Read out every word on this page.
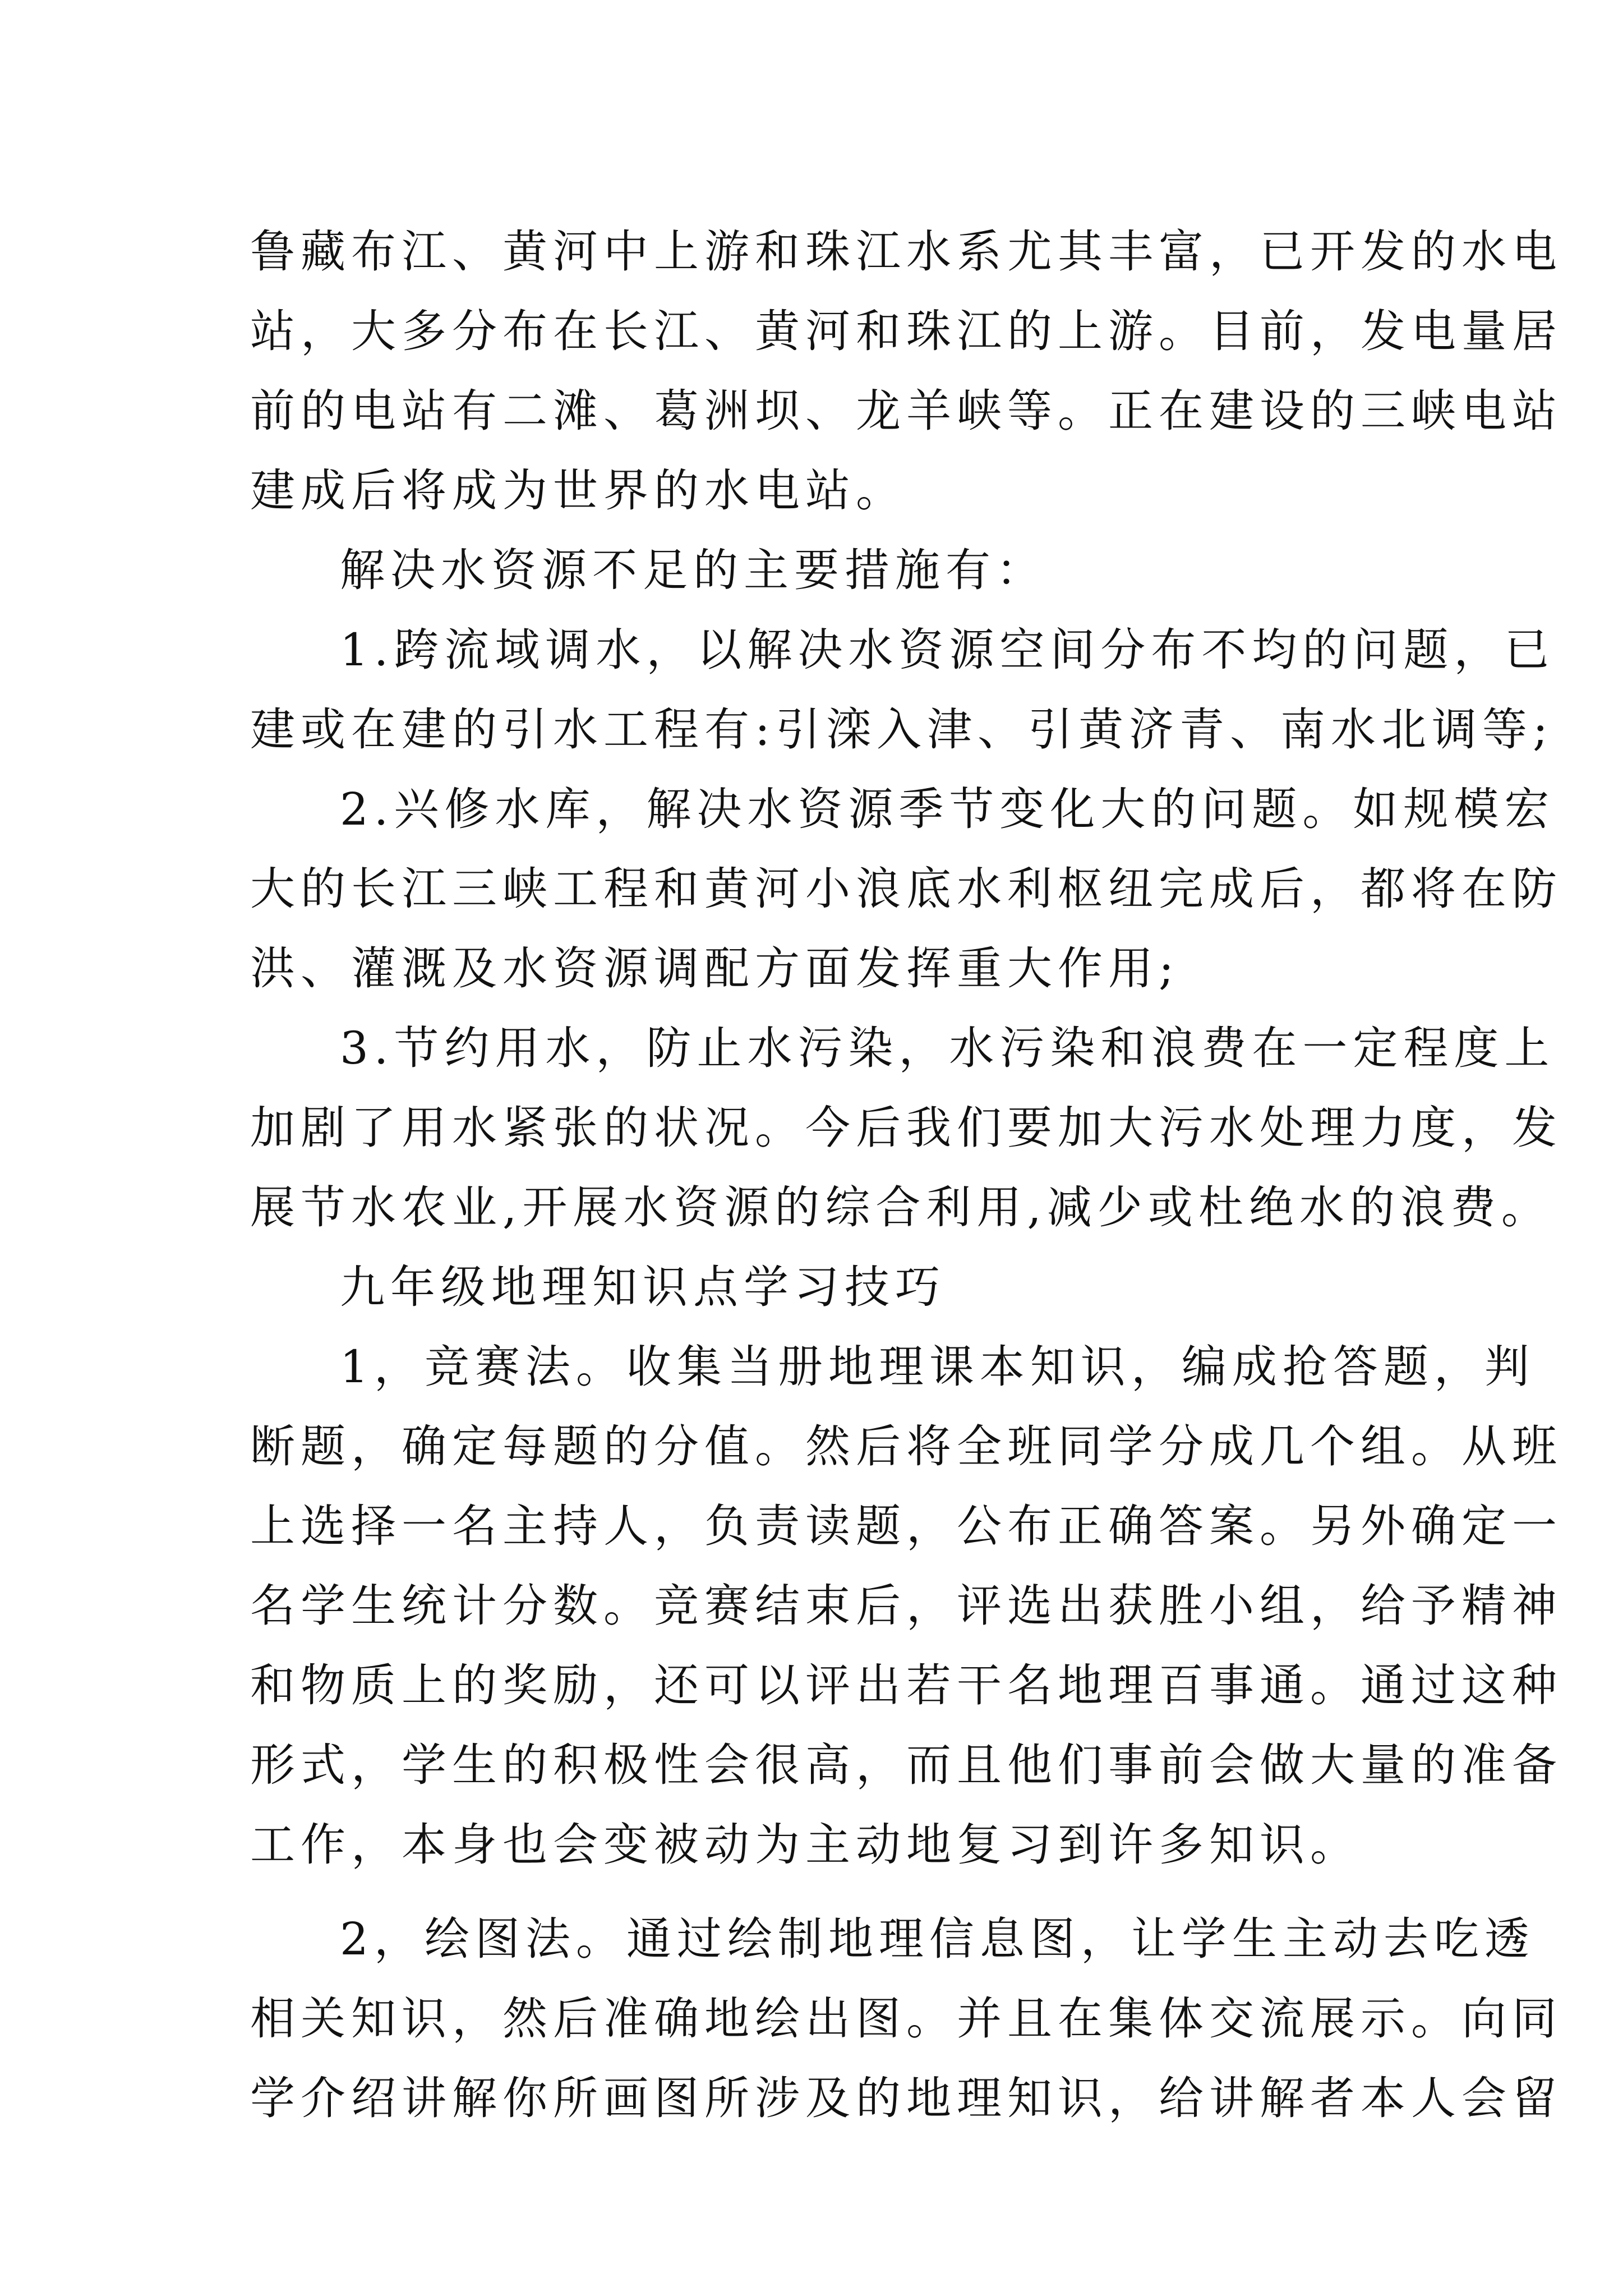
鲁藏布江、黄河中上游和珠江水系尤其丰富，已开发的水电
站，大多分布在长江、黄河和珠江的上游。目前，发电量居
前的电站有二滩、葛洲坝、龙羊峡等。正在建设的三峡电站
建成后将成为世界的水电站。
解决水资源不足的主要措施有：
1.跨流域调水，以解决水资源空间分布不均的问题，已
建或在建的引水工程有:引滦入津、引黄济青、南水北调等;
2.兴修水库，解决水资源季节变化大的问题。如规模宏
大的长江三峡工程和黄河小浪底水利枢纽完成后，都将在防
洪、灌溉及水资源调配方面发挥重大作用;
3.节约用水，防止水污染，水污染和浪费在一定程度上
加剧了用水紧张的状况。今后我们要加大污水处理力度，发
展节水农业,开展水资源的综合利用,减少或杜绝水的浪费。
九年级地理知识点学习技巧
1，竞赛法。收集当册地理课本知识，编成抢答题，判
断题，确定每题的分值。然后将全班同学分成几个组。从班
上选择一名主持人，负责读题，公布正确答案。另外确定一
名学生统计分数。竞赛结束后，评选出获胜小组，给予精神
和物质上的奖励，还可以评出若干名地理百事通。通过这种
形式，学生的积极性会很高，而且他们事前会做大量的准备
工作，本身也会变被动为主动地复习到许多知识。
2，绘图法。通过绘制地理信息图，让学生主动去吃透
相关知识，然后准确地绘出图。并且在集体交流展示。向同
学介绍讲解你所画图所涉及的地理知识，给讲解者本人会留
